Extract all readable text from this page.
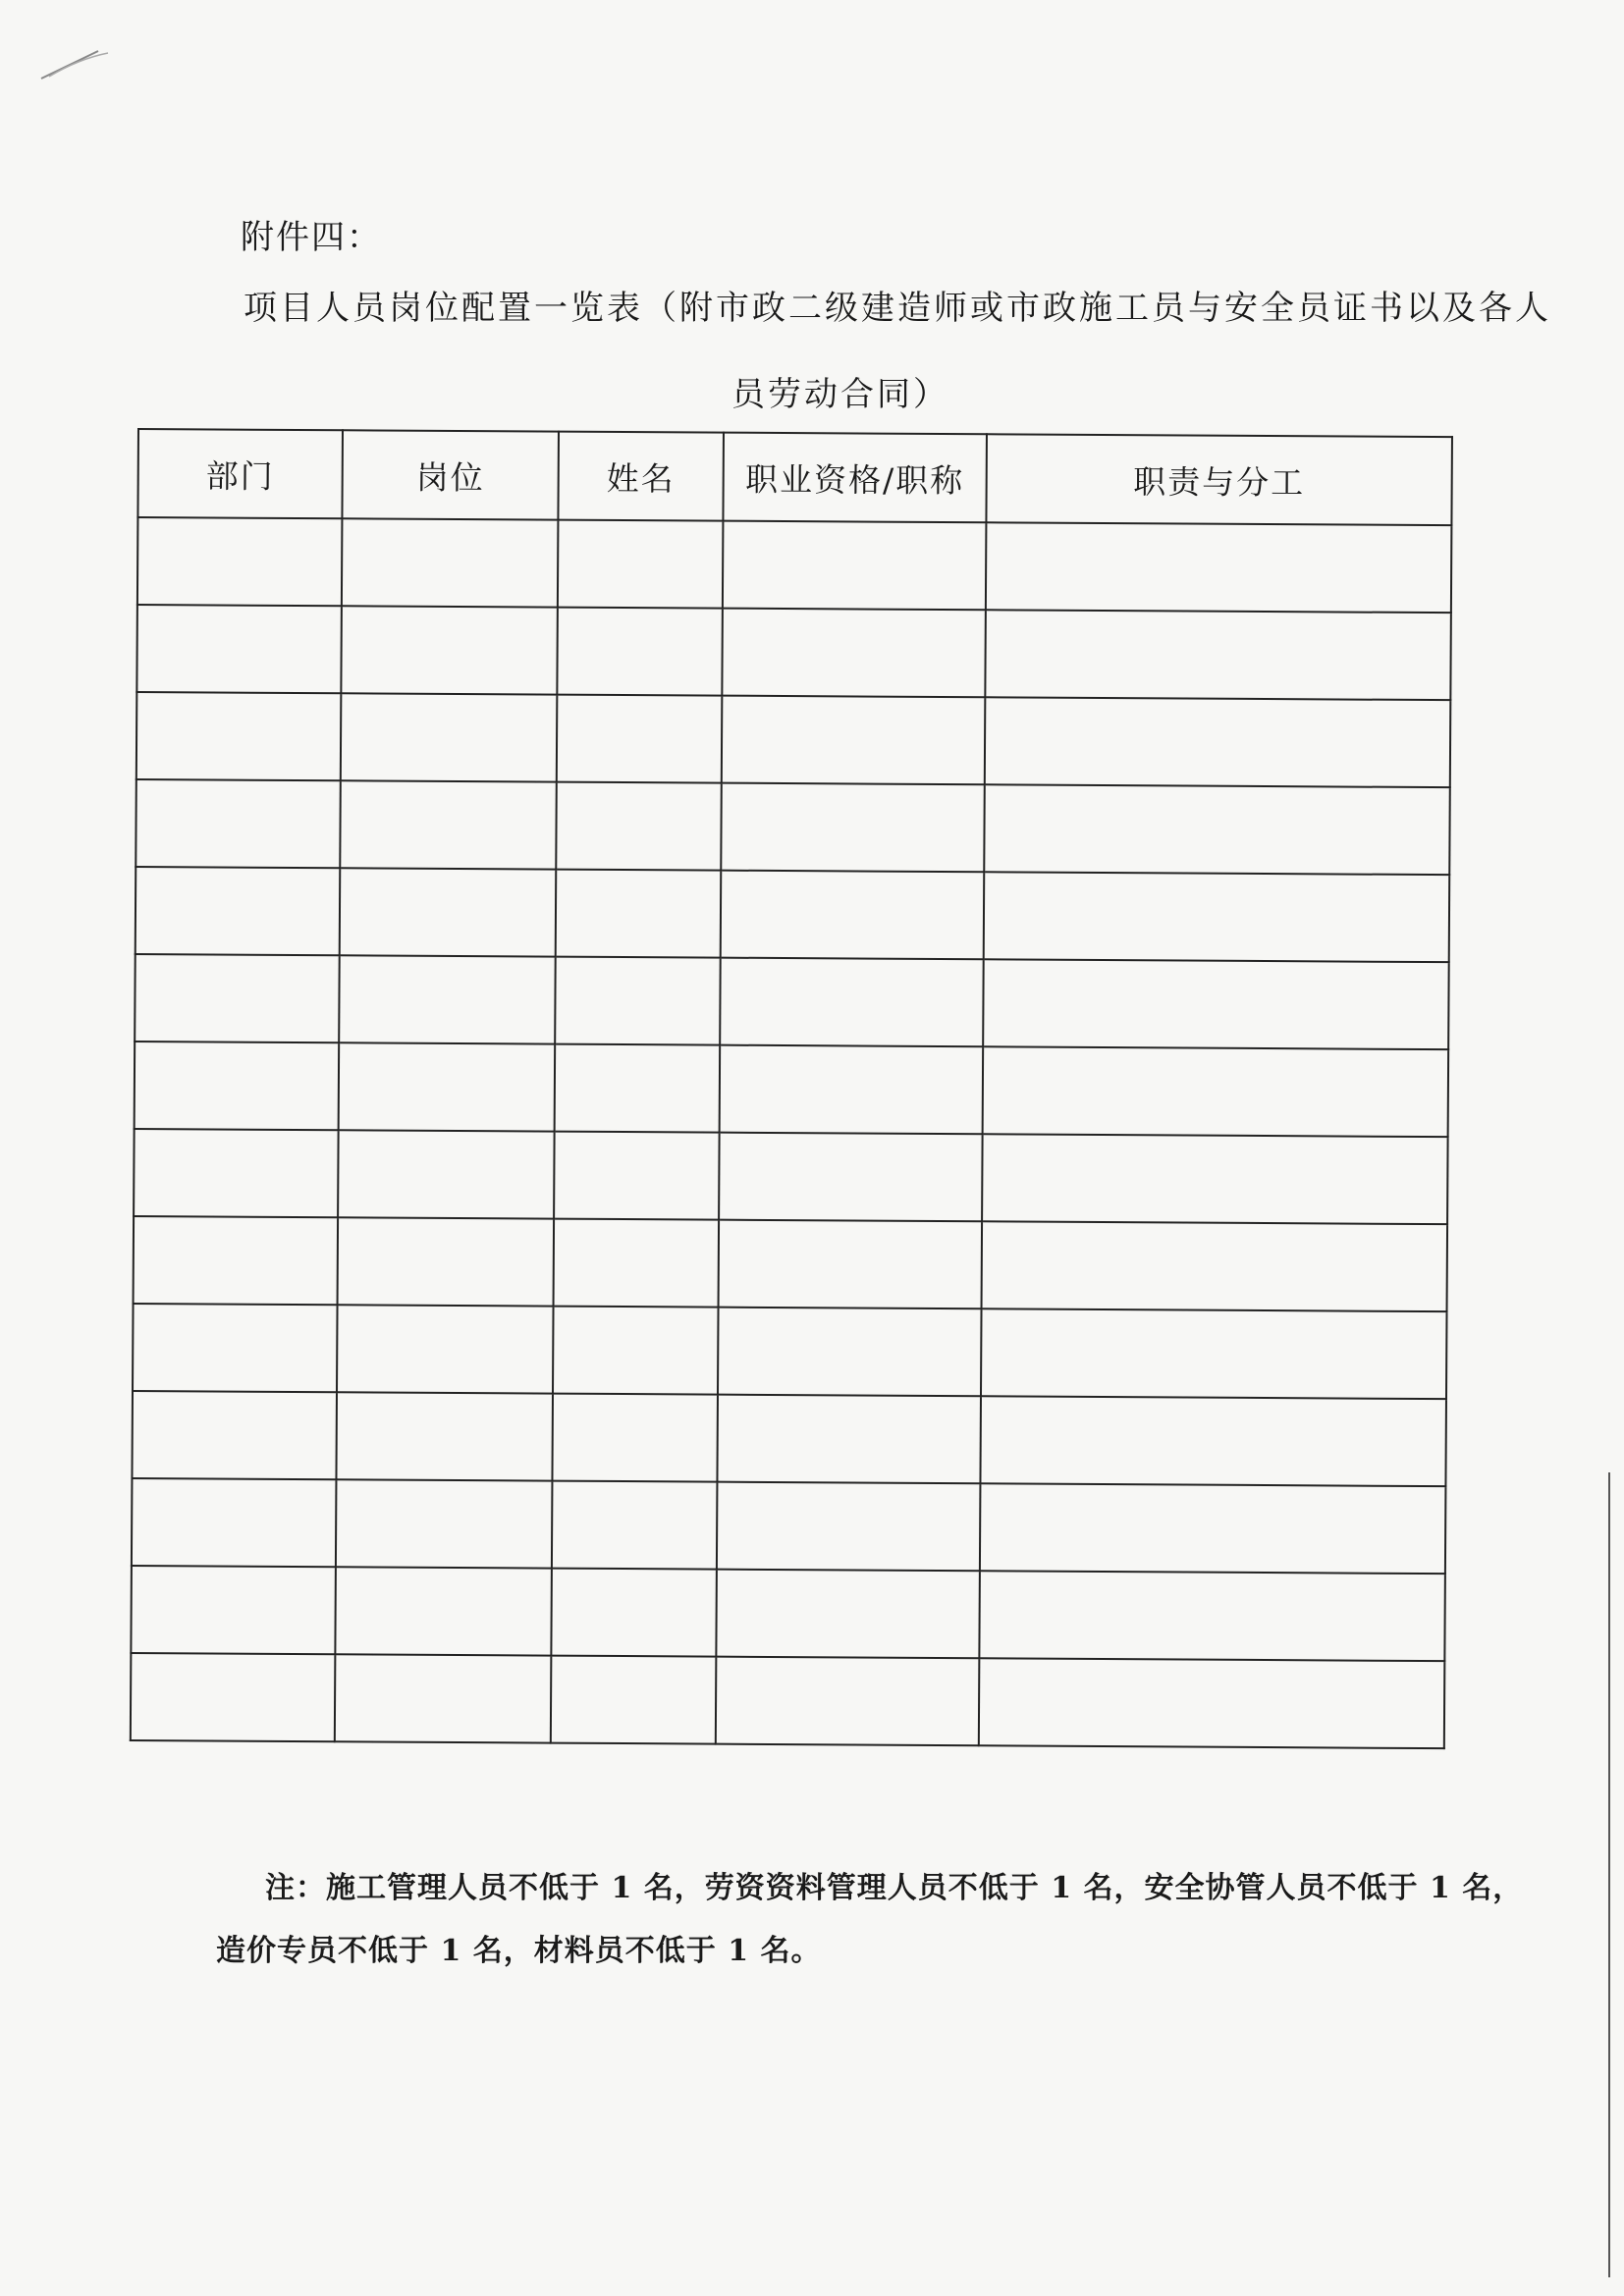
附件四：
项目人员岗位配置一览表（附市政二级建造师或市政施工员与安全员证书以及各人
员劳动合同）
部门	岗位	姓名	职业资格/职称	职责与分工

注：施工管理人员不低于 1 名，劳资资料管理人员不低于 1 名，安全协管人员不低于 1 名，
造价专员不低于 1 名，材料员不低于 1 名。
